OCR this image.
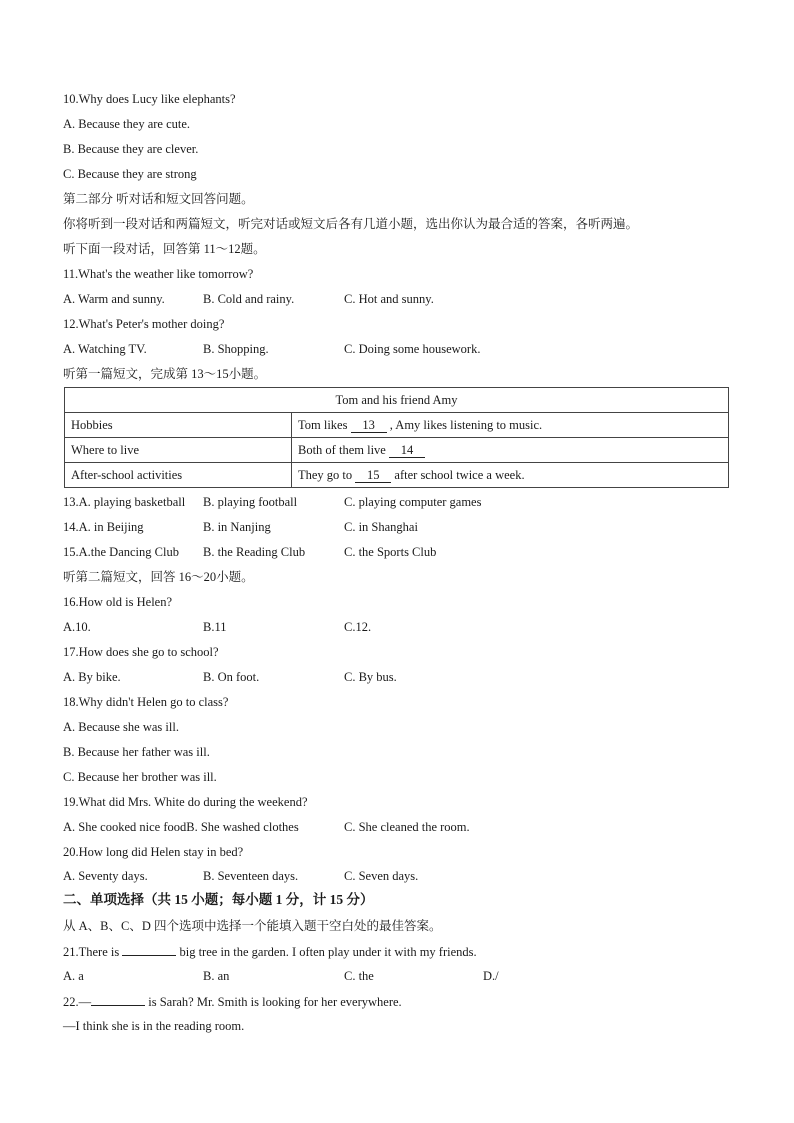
10.Why does Lucy like elephants?
A. Because they are cute.
B. Because they are clever.
C. Because they are strong
第二部分 听对话和短文回答问题。
你将听到一段对话和两篇短文，听完对话或短文后各有几道小题，选出你认为最合适的答案，各听两遍。
听下面一段对话，回答第 11～12题。
11.What's the weather like tomorrow?
A. Warm and sunny.	B. Cold and rainy.	C. Hot and sunny.
12.What's Peter's mother doing?
A. Watching TV.	B. Shopping.	C. Doing some housework.
听第一篇短文，完成第 13～15小题。
Tom and his friend Amy	
Hobbies	Tom likes 13 , Amy likes listening to music.
Where to live	Both of them live 14
After-school activities	They go to 15 after school twice a week.
13.A. playing basketball B. playing football	C. playing computer games
14.A. in Beijing	B. in Nanjing	C. in Shanghai
15.A.the Dancing Club B. the Reading Club	C. the Sports Club
听第二篇短文，回答 16～20小题。
16.How old is Helen?
A.10.	B.11	C.12.
17.How does she go to school?
A. By bike.	B. On foot.	C. By bus.
18.Why didn't Helen go to class?
A. Because she was ill.
B. Because her father was ill.
C. Because her brother was ill.
19.What did Mrs. White do during the weekend?
A. She cooked nice foodB. She washed clothes	C. She cleaned the room.
20.How long did Helen stay in bed?
A. Seventy days.	B. Seventeen days.	C. Seven days.
二、单项选择（共 15 小题；每小题 1 分，计 15 分）
从 A、B、C、D 四个选项中选择一个能填入题干空白处的最佳答案。
21.There is	big tree in the garden. I often play under it with my friends.
A. a	B. an	C. the	D./
22.—	is Sarah? Mr. Smith is looking for her everywhere.
—I think she is in the reading room.
